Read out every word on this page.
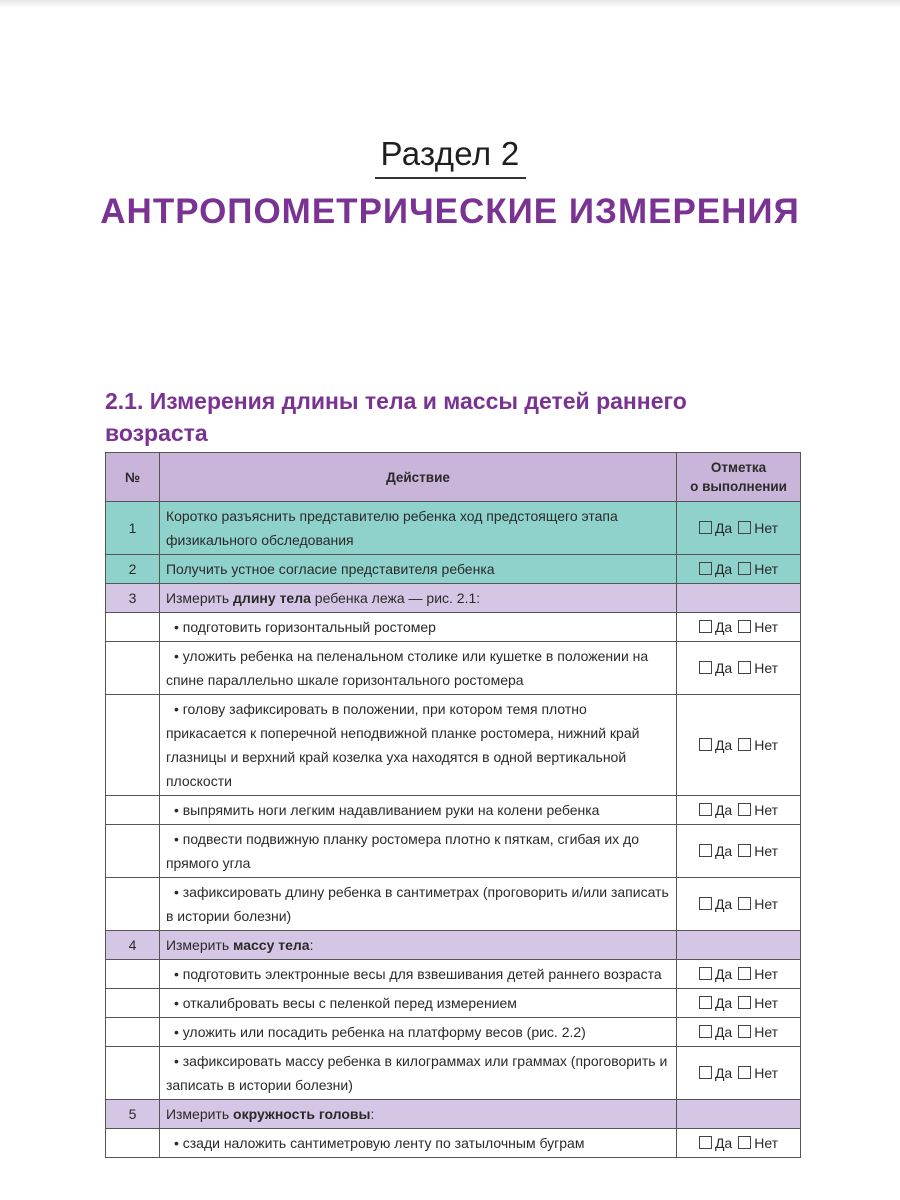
Раздел 2
АНТРОПОМЕТРИЧЕСКИЕ ИЗМЕРЕНИЯ
2.1. Измерения длины тела и массы детей раннего возраста
№	Действие	Отметка
о выполнении
1	Коротко разъяснить представителю ребенка ход предстоящего этапа физикального обследования	Да Нет
2	Получить устное согласие представителя ребенка	Да Нет
3	Измерить длину тела ребенка лежа — рис. 2.1:	
	• подготовить горизонтальный ростомер	Да Нет
	• уложить ребенка на пеленальном столике или кушетке в положении на спине параллельно шкале горизонтального ростомера	Да Нет
	• голову зафиксировать в положении, при котором темя плотно прикасается к поперечной неподвижной планке ростомера, нижний край глазницы и верхний край козелка уха находятся в одной вертикальной плоскости	Да Нет
	• выпрямить ноги легким надавливанием руки на колени ребенка	Да Нет
	• подвести подвижную планку ростомера плотно к пяткам, сгибая их до прямого угла	Да Нет
	• зафиксировать длину ребенка в сантиметрах (проговорить и/или записать в истории болезни)	Да Нет
4	Измерить массу тела:	
	• подготовить электронные весы для взвешивания детей раннего возраста	Да Нет
	• откалибровать весы с пеленкой перед измерением	Да Нет
	• уложить или посадить ребенка на платформу весов (рис. 2.2)	Да Нет
	• зафиксировать массу ребенка в килограммах или граммах (проговорить и записать в истории болезни)	Да Нет
5	Измерить окружность головы:	
	• сзади наложить сантиметровую ленту по затылочным буграм	Да Нет
